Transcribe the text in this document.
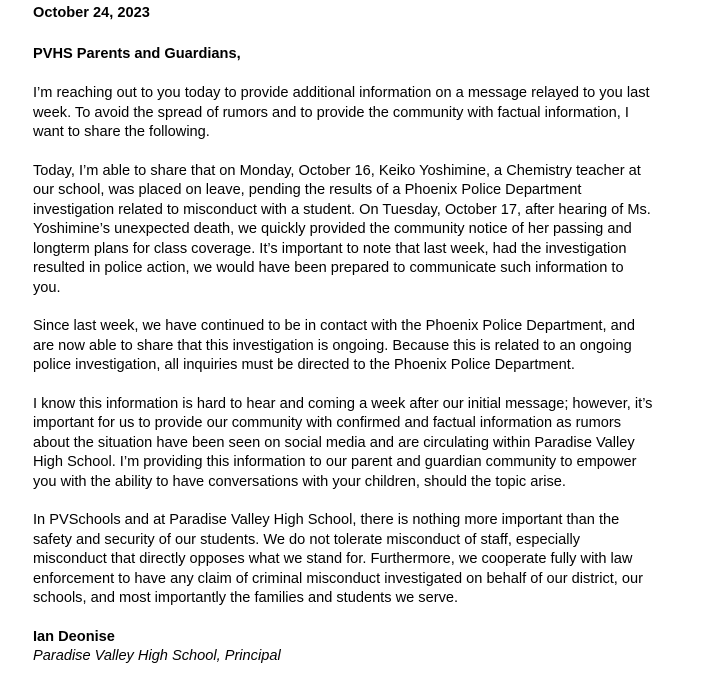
October 24, 2023

PVHS Parents and Guardians,

I’m reaching out to you today to provide additional information on a message relayed to you last
week. To avoid the spread of rumors and to provide the community with factual information, I
want to share the following.

Today, I’m able to share that on Monday, October 16, Keiko Yoshimine, a Chemistry teacher at
our school, was placed on leave, pending the results of a Phoenix Police Department
investigation related to misconduct with a student. On Tuesday, October 17, after hearing of Ms.
Yoshimine’s unexpected death, we quickly provided the community notice of her passing and
longterm plans for class coverage. It’s important to note that last week, had the investigation
resulted in police action, we would have been prepared to communicate such information to
you.

Since last week, we have continued to be in contact with the Phoenix Police Department, and
are now able to share that this investigation is ongoing. Because this is related to an ongoing
police investigation, all inquiries must be directed to the Phoenix Police Department.

I know this information is hard to hear and coming a week after our initial message; however, it’s
important for us to provide our community with confirmed and factual information as rumors
about the situation have been seen on social media and are circulating within Paradise Valley
High School. I’m providing this information to our parent and guardian community to empower
you with the ability to have conversations with your children, should the topic arise.

In PVSchools and at Paradise Valley High School, there is nothing more important than the
safety and security of our students. We do not tolerate misconduct of staff, especially
misconduct that directly opposes what we stand for. Furthermore, we cooperate fully with law
enforcement to have any claim of criminal misconduct investigated on behalf of our district, our
schools, and most importantly the families and students we serve.

Ian Deonise

Paradise Valley High School, Principal
